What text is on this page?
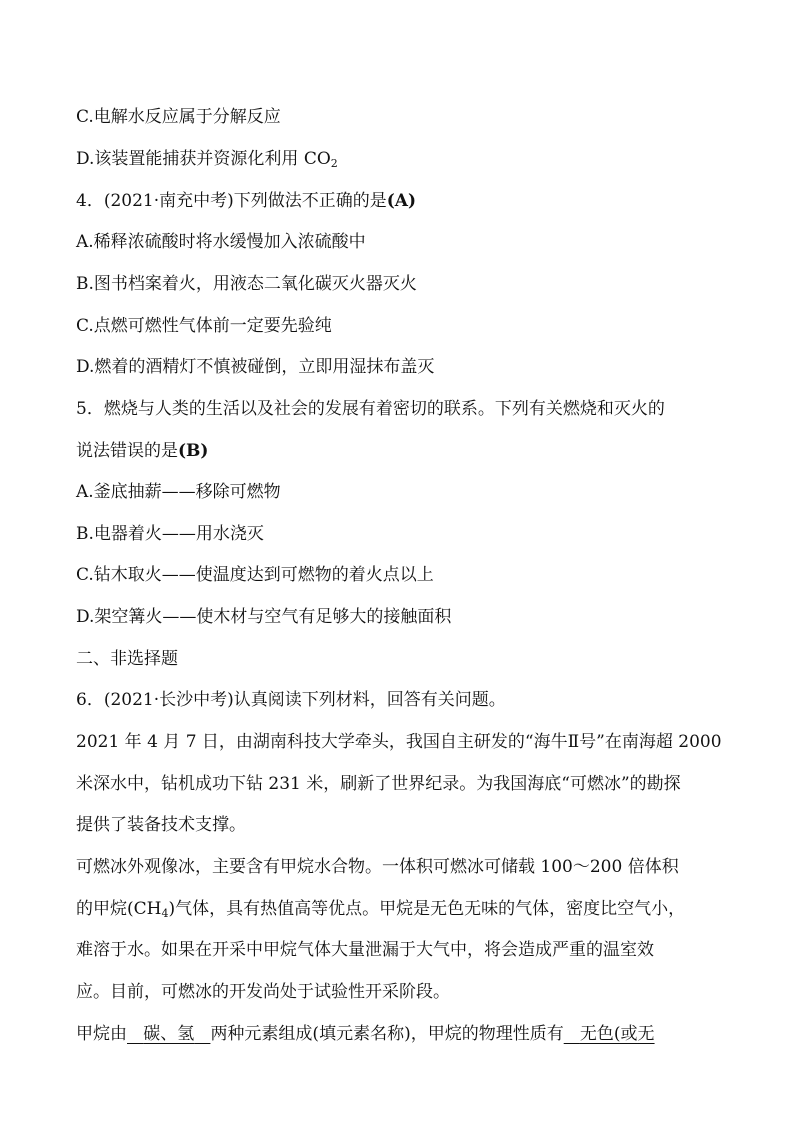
C.电解水反应属于分解反应
D.该装置能捕获并资源化利用 $CO_2$
4．(2021·南充中考)下列做法不正确的是(A)
A.稀释浓硫酸时将水缓慢加入浓硫酸中
B.图书档案着火，用液态二氧化碳灭火器灭火
C.点燃可燃性气体前一定要先验纯
D.燃着的酒精灯不慎被碰倒，立即用湿抹布盖灭
5．燃烧与人类的生活以及社会的发展有着密切的联系。下列有关燃烧和灭火的
说法错误的是(B)
A.釜底抽薪——移除可燃物
B.电器着火——用水浇灭
C.钻木取火——使温度达到可燃物的着火点以上
D.架空篝火——使木材与空气有足够大的接触面积
二、非选择题
6．(2021·长沙中考)认真阅读下列材料，回答有关问题。
2021 年 4 月 7 日，由湖南科技大学牵头，我国自主研发的“海牛Ⅱ号”在南海超 2000
米深水中，钻机成功下钻 231 米，刷新了世界纪录。为我国海底“可燃冰”的勘探
提供了装备技术支撑。
可燃冰外观像冰，主要含有甲烷水合物。一体积可燃冰可储载 100～200 倍体积
的甲烷$(CH_4)$气体，具有热值高等优点。甲烷是无色无味的气体，密度比空气小，
难溶于水。如果在开采中甲烷气体大量泄漏于大气中，将会造成严重的温室效
应。目前，可燃冰的开发尚处于试验性开采阶段。
甲烷由 碳、氢 两种元素组成(填元素名称)，甲烷的物理性质有 无色(或无
